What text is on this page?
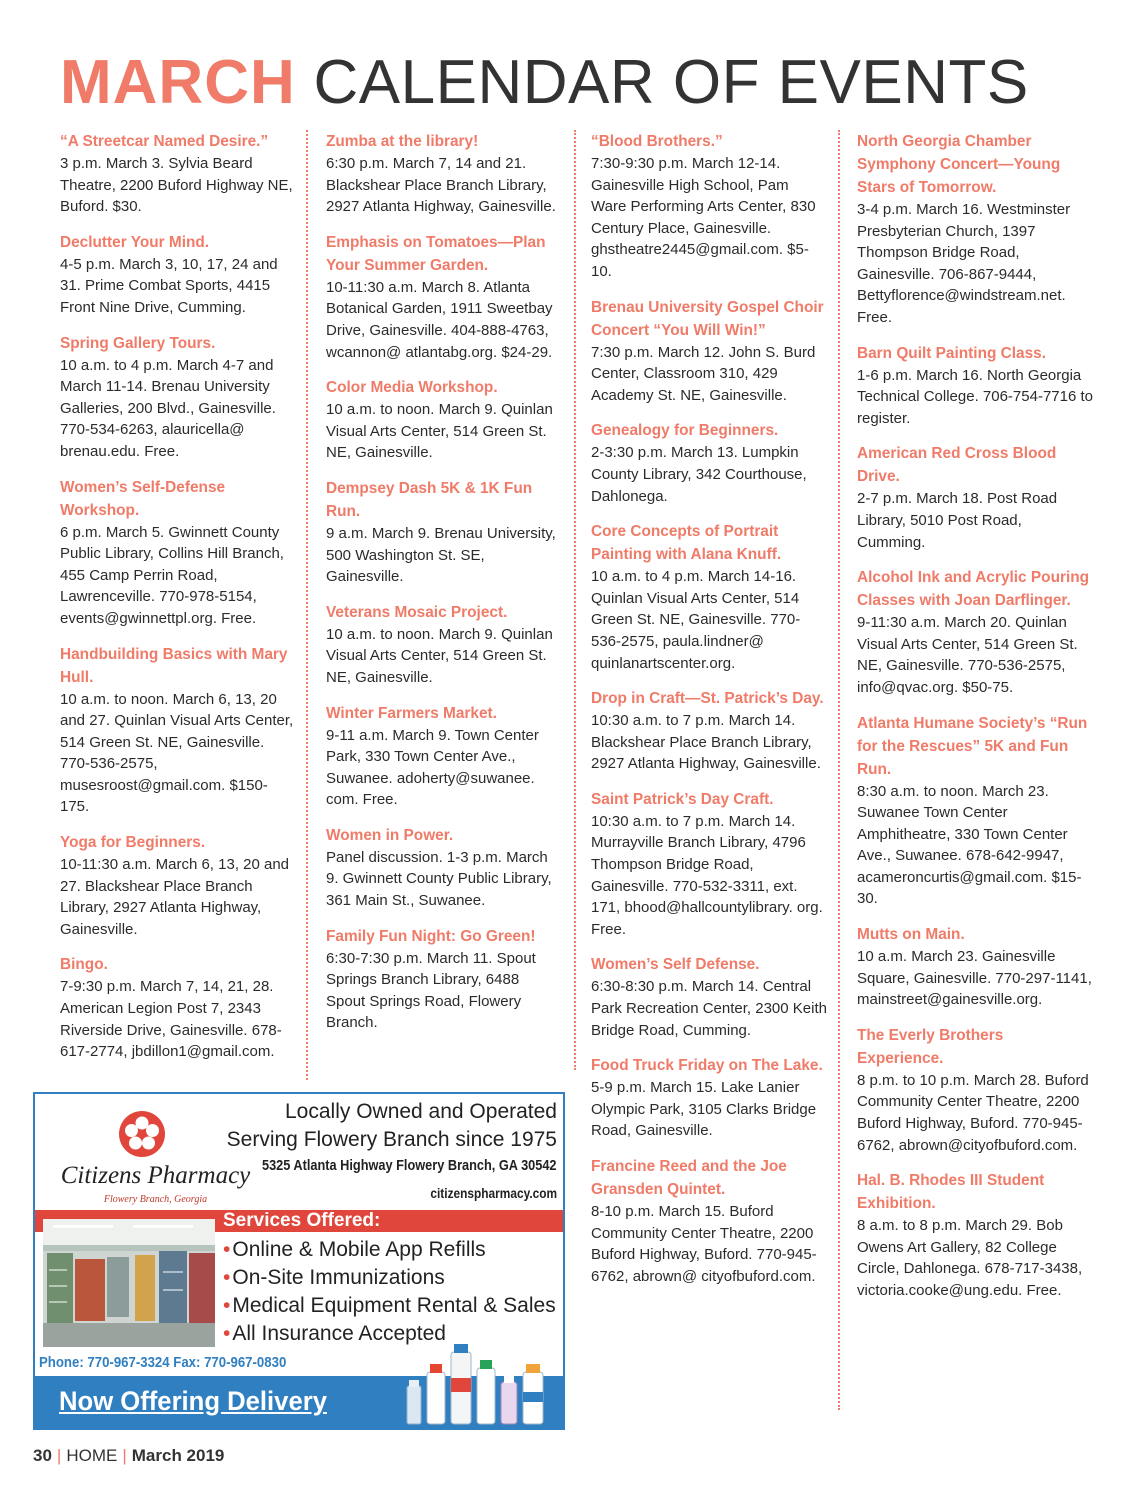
MARCH CALENDAR OF EVENTS
“A Streetcar Named Desire.”
3 p.m. March 3. Sylvia Beard Theatre, 2200 Buford Highway NE, Buford. $30.
Declutter Your Mind.
4-5 p.m. March 3, 10, 17, 24 and 31. Prime Combat Sports, 4415 Front Nine Drive, Cumming.
Spring Gallery Tours.
10 a.m. to 4 p.m. March 4-7 and March 11-14. Brenau University Galleries, 200 Blvd., Gainesville. 770-534-6263, alauricella@ brenau.edu. Free.
Women’s Self-Defense Workshop.
6 p.m. March 5. Gwinnett County Public Library, Collins Hill Branch, 455 Camp Perrin Road, Lawrenceville. 770-978-5154, events@gwinnettpl.org. Free.
Handbuilding Basics with Mary Hull.
10 a.m. to noon. March 6, 13, 20 and 27. Quinlan Visual Arts Center, 514 Green St. NE, Gainesville. 770-536-2575, musesroost@gmail.com. $150-175.
Yoga for Beginners.
10-11:30 a.m. March 6, 13, 20 and 27. Blackshear Place Branch Library, 2927 Atlanta Highway, Gainesville.
Bingo.
7-9:30 p.m. March 7, 14, 21, 28. American Legion Post 7, 2343 Riverside Drive, Gainesville. 678-617-2774, jbdillon1@gmail.com.
Zumba at the library!
6:30 p.m. March 7, 14 and 21. Blackshear Place Branch Library, 2927 Atlanta Highway, Gainesville.
Emphasis on Tomatoes—Plan Your Summer Garden.
10-11:30 a.m. March 8. Atlanta Botanical Garden, 1911 Sweetbay Drive, Gainesville. 404-888-4763, wcannon@ atlantabg.org. $24-29.
Color Media Workshop.
10 a.m. to noon. March 9. Quinlan Visual Arts Center, 514 Green St. NE, Gainesville.
Dempsey Dash 5K & 1K Fun Run.
9 a.m. March 9. Brenau University, 500 Washington St. SE, Gainesville.
Veterans Mosaic Project.
10 a.m. to noon. March 9. Quinlan Visual Arts Center, 514 Green St. NE, Gainesville.
Winter Farmers Market.
9-11 a.m. March 9. Town Center Park, 330 Town Center Ave., Suwanee. adoherty@suwanee. com. Free.
Women in Power.
Panel discussion. 1-3 p.m. March 9. Gwinnett County Public Library, 361 Main St., Suwanee.
Family Fun Night: Go Green!
6:30-7:30 p.m. March 11. Spout Springs Branch Library, 6488 Spout Springs Road, Flowery Branch.
“Blood Brothers.”
7:30-9:30 p.m. March 12-14. Gainesville High School, Pam Ware Performing Arts Center, 830 Century Place, Gainesville. ghstheatre2445@gmail.com. $5-10.
Brenau University Gospel Choir Concert “You Will Win!”
7:30 p.m. March 12. John S. Burd Center, Classroom 310, 429 Academy St. NE, Gainesville.
Genealogy for Beginners.
2-3:30 p.m. March 13. Lumpkin County Library, 342 Courthouse, Dahlonega.
Core Concepts of Portrait Painting with Alana Knuff.
10 a.m. to 4 p.m. March 14-16. Quinlan Visual Arts Center, 514 Green St. NE, Gainesville. 770-536-2575, paula.lindner@ quinlanartscenter.org.
Drop in Craft—St. Patrick’s Day.
10:30 a.m. to 7 p.m. March 14. Blackshear Place Branch Library, 2927 Atlanta Highway, Gainesville.
Saint Patrick’s Day Craft.
10:30 a.m. to 7 p.m. March 14. Murrayville Branch Library, 4796 Thompson Bridge Road, Gainesville. 770-532-3311, ext. 171, bhood@hallcountylibrary. org. Free.
Women’s Self Defense.
6:30-8:30 p.m. March 14. Central Park Recreation Center, 2300 Keith Bridge Road, Cumming.
Food Truck Friday on The Lake.
5-9 p.m. March 15. Lake Lanier Olympic Park, 3105 Clarks Bridge Road, Gainesville.
Francine Reed and the Joe Gransden Quintet.
8-10 p.m. March 15. Buford Community Center Theatre, 2200 Buford Highway, Buford. 770-945-6762, abrown@ cityofbuford.com.
North Georgia Chamber Symphony Concert—Young Stars of Tomorrow.
3-4 p.m. March 16. Westminster Presbyterian Church, 1397 Thompson Bridge Road, Gainesville. 706-867-9444, Bettyflorence@windstream.net. Free.
Barn Quilt Painting Class.
1-6 p.m. March 16. North Georgia Technical College. 706-754-7716 to register.
American Red Cross Blood Drive.
2-7 p.m. March 18. Post Road Library, 5010 Post Road, Cumming.
Alcohol Ink and Acrylic Pouring Classes with Joan Darflinger.
9-11:30 a.m. March 20. Quinlan Visual Arts Center, 514 Green St. NE, Gainesville. 770-536-2575, info@qvac.org. $50-75.
Atlanta Humane Society’s “Run for the Rescues” 5K and Fun Run.
8:30 a.m. to noon. March 23. Suwanee Town Center Amphitheatre, 330 Town Center Ave., Suwanee. 678-642-9947, acameroncurtis@gmail.com. $15-30.
Mutts on Main.
10 a.m. March 23. Gainesville Square, Gainesville. 770-297-1141, mainstreet@gainesville.org.
The Everly Brothers Experience.
8 p.m. to 10 p.m. March 28. Buford Community Center Theatre, 2200 Buford Highway, Buford. 770-945-6762, abrown@cityofbuford.com.
Hal. B. Rhodes III Student Exhibition.
8 a.m. to 8 p.m. March 29. Bob Owens Art Gallery, 82 College Circle, Dahlonega. 678-717-3438, victoria.cooke@ung.edu. Free.
Citizens Pharmacy
Flowery Branch, Georgia
Locally Owned and Operated
Serving Flowery Branch since 1975
5325 Atlanta Highway Flowery Branch, GA 30542
citizenspharmacy.com
Services Offered:
•Online & Mobile App Refills
•On-Site Immunizations
•Medical Equipment Rental & Sales
•All Insurance Accepted
Phone: 770-967-3324 Fax: 770-967-0830
Now Offering Delivery
30 | HOME | March 2019
